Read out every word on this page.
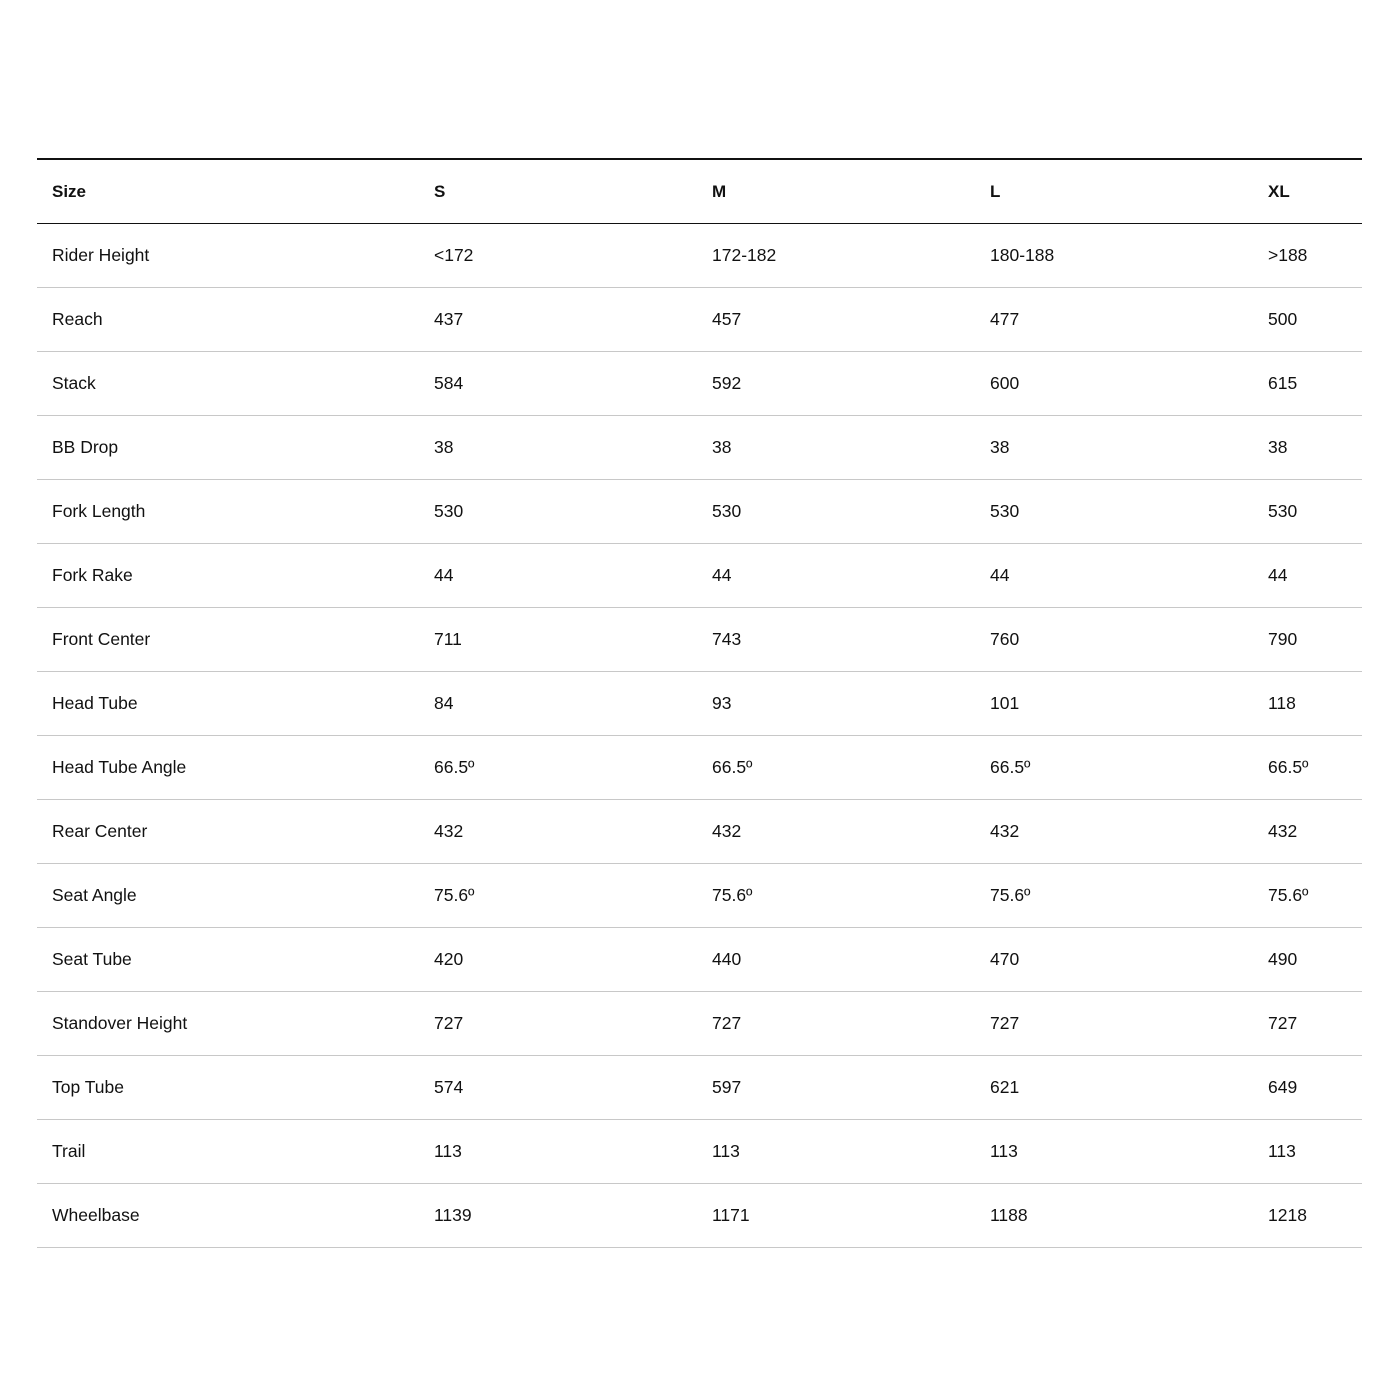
Size	S	M	L	XL
Rider Height	<172	172-182	180-188	>188
Reach	437	457	477	500
Stack	584	592	600	615
BB Drop	38	38	38	38
Fork Length	530	530	530	530
Fork Rake	44	44	44	44
Front Center	711	743	760	790
Head Tube	84	93	101	118
Head Tube Angle	66.5º	66.5º	66.5º	66.5º
Rear Center	432	432	432	432
Seat Angle	75.6º	75.6º	75.6º	75.6º
Seat Tube	420	440	470	490
Standover Height	727	727	727	727
Top Tube	574	597	621	649
Trail	113	113	113	113
Wheelbase	1139	1171	1188	1218
